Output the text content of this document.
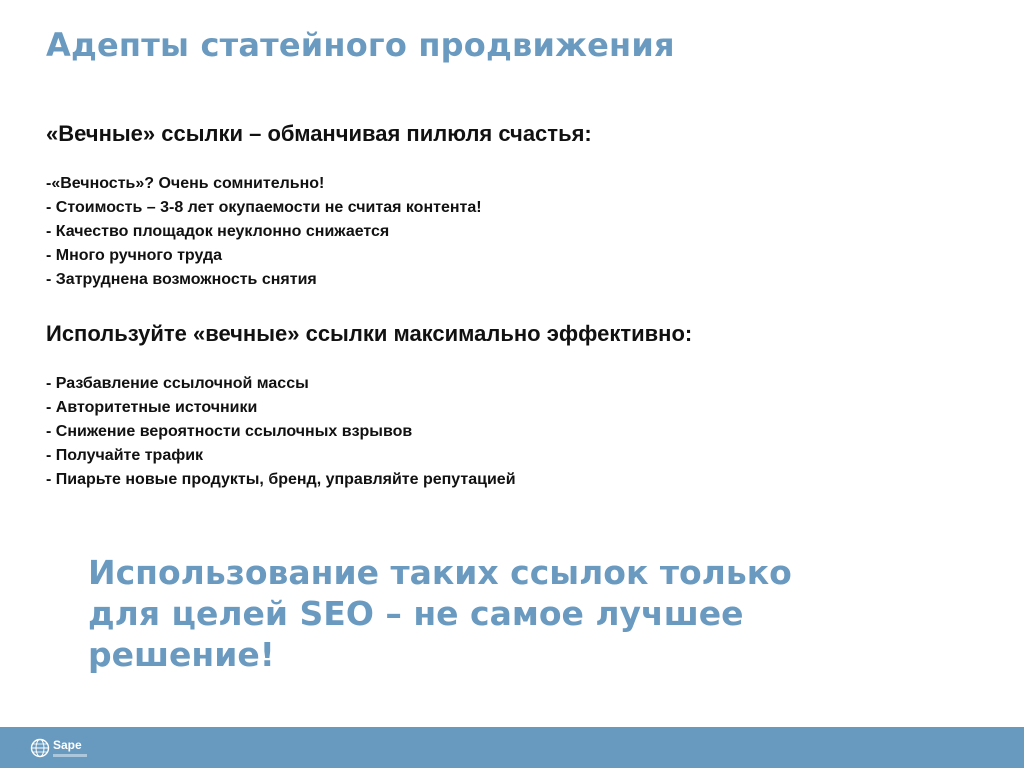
Адепты статейного продвижения
«Вечные» ссылки – обманчивая пилюля счастья:
-«Вечность»? Очень сомнительно!
- Стоимость – 3-8 лет окупаемости не считая контента!
- Качество площадок неуклонно снижается
- Много ручного труда
- Затруднена возможность снятия
Используйте «вечные» ссылки максимально эффективно:
- Разбавление ссылочной массы
- Авторитетные источники
- Снижение вероятности ссылочных взрывов
- Получайте трафик
- Пиарьте новые продукты, бренд, управляйте репутацией
Использование таких ссылок только
для целей SEO – не самое лучшее
решение!
Sape
